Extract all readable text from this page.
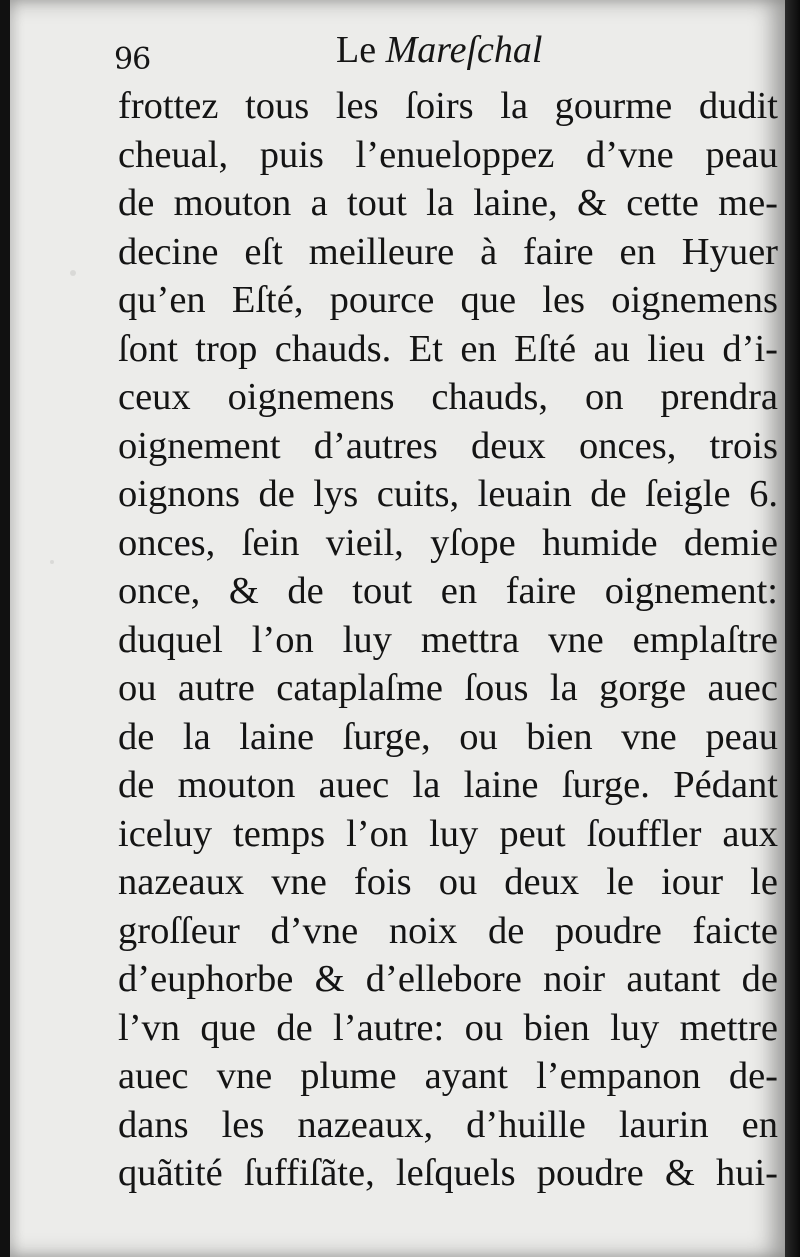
96	Le Mareſchal
frottez tous les ſoirs la gourme dudit
cheual, puis l’enueloppez d’vne peau
de mouton a tout la laine, & cette me-
decine eſt meilleure à faire en Hyuer
qu’en Eſté, pource que les oignemens
ſont trop chauds. Et en Eſté au lieu d’i-
ceux oignemens chauds, on prendra
oignement d’autres deux onces, trois
oignons de lys cuits, leuain de ſeigle 6.
onces, ſein vieil, yſope humide demie
once, & de tout en faire oignement:
duquel l’on luy mettra vne emplaſtre
ou autre cataplaſme ſous la gorge auec
de la laine ſurge, ou bien vne peau
de mouton auec la laine ſurge. Pédant
iceluy temps l’on luy peut ſouffler aux
nazeaux vne fois ou deux le iour le
groſſeur d’vne noix de poudre faicte
d’euphorbe & d’ellebore noir autant de
l’vn que de l’autre: ou bien luy mettre
auec vne plume ayant l’empanon de-
dans les nazeaux, d’huille laurin en
quãtité ſuffiſãte, leſquels poudre & hui-
